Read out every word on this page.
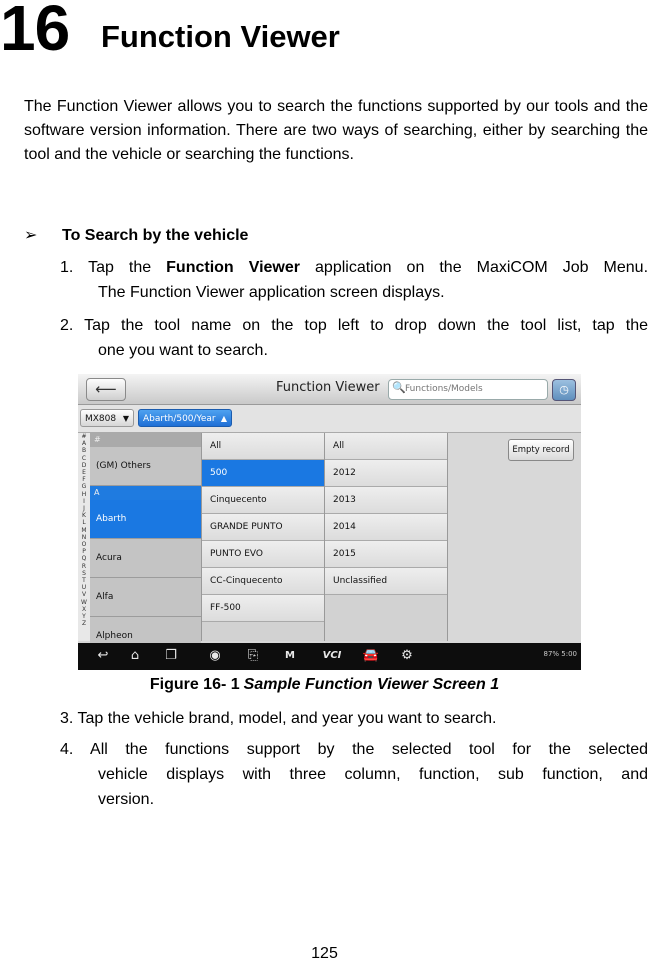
16 Function Viewer
The Function Viewer allows you to search the functions supported by our tools and the software version information. There are two ways of searching, either by searching the tool and the vehicle or searching the functions.
➢ To Search by the vehicle
1. Tap the Function Viewer application on the MaxiCOM Job Menu.
The Function Viewer application screen displays.
2. Tap the tool name on the top left to drop down the tool list, tap the
one you want to search.
⟵	Function Viewer 🔍
Functions/Models	◷
MX808 ▼	Abarth/500/Year ▲
#
A
B
C
D
E
F
G
H
I
J
K
L
M
N
O
P
Q
R
S
T
U
V
W
X
Y
Z
#
(GM) Others
A
Abarth
Acura
Alfa
Alpheon
All
500
Cinquecento
GRANDE PUNTO
PUNTO EVO
CC-Cinquecento
FF-500
All
2012
2013
2014
2015
Unclassified
Empty record
↩	⌂	❐	◉	⎘	M	VCI	🚘	⚙	87% 5:00
Figure 16- 1 Sample Function Viewer Screen 1
3. Tap the vehicle brand, model, and year you want to search.
4. All the functions support by the selected tool for the selected
vehicle displays with three column, function, sub function, and
version.
125
